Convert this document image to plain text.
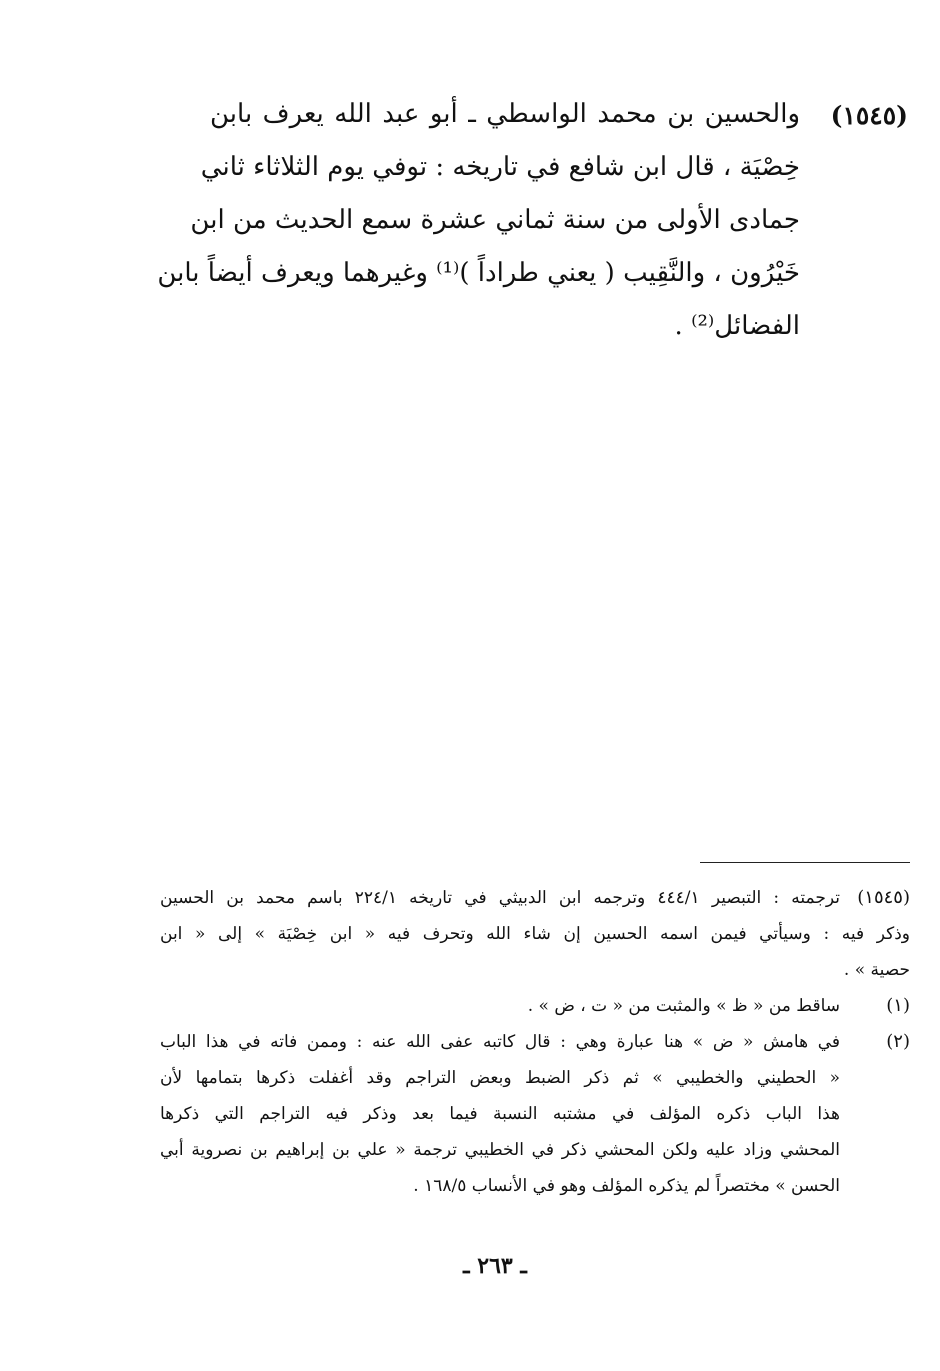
(١٥٤٥)
والحسين بن محمد الواسطي ـ أبو عبد الله يعرف بابن
خِصْيَة ، قال ابن شافع في تاريخه : توفي يوم الثلاثاء ثاني
جمادى الأولى من سنة ثماني عشرة سمع الحديث من ابن
خَيْرُون ، والنَّقِيب ( يعني طراداً )⁽¹⁾ وغيرهما ويعرف أيضاً بابن
الفضائل⁽²⁾ .
(١٥٤٥)
ترجمته : التبصير ٤٤٤/١ وترجمه ابن الدبيثي في تاريخه ٢٢٤/١ باسم محمد بن الحسين
وذكر فيه : وسيأتي فيمن اسمه الحسين إن شاء الله وتحرف فيه « ابن خِصْيَة » إلى « ابن
حصية » .
(١)
ساقط من « ظ » والمثبت من « ت ، ض » .
(٢)
في هامش « ض » هنا عبارة وهي : قال كاتبه عفى الله عنه : وممن فاته في هذا الباب
« الحطيني والخطيبي » ثم ذكر الضبط وبعض التراجم وقد أغفلت ذكرها بتمامها لأن
هذا الباب ذكره المؤلف في مشتبه النسبة فيما بعد وذكر فيه التراجم التي ذكرها
المحشي وزاد عليه ولكن المحشي ذكر في الخطيبي ترجمة « علي بن إبراهيم بن نصروية أبي
الحسن » مختصراً لم يذكره المؤلف وهو في الأنساب ١٦٨/٥ .
ـ ٢٦٣ ـ
